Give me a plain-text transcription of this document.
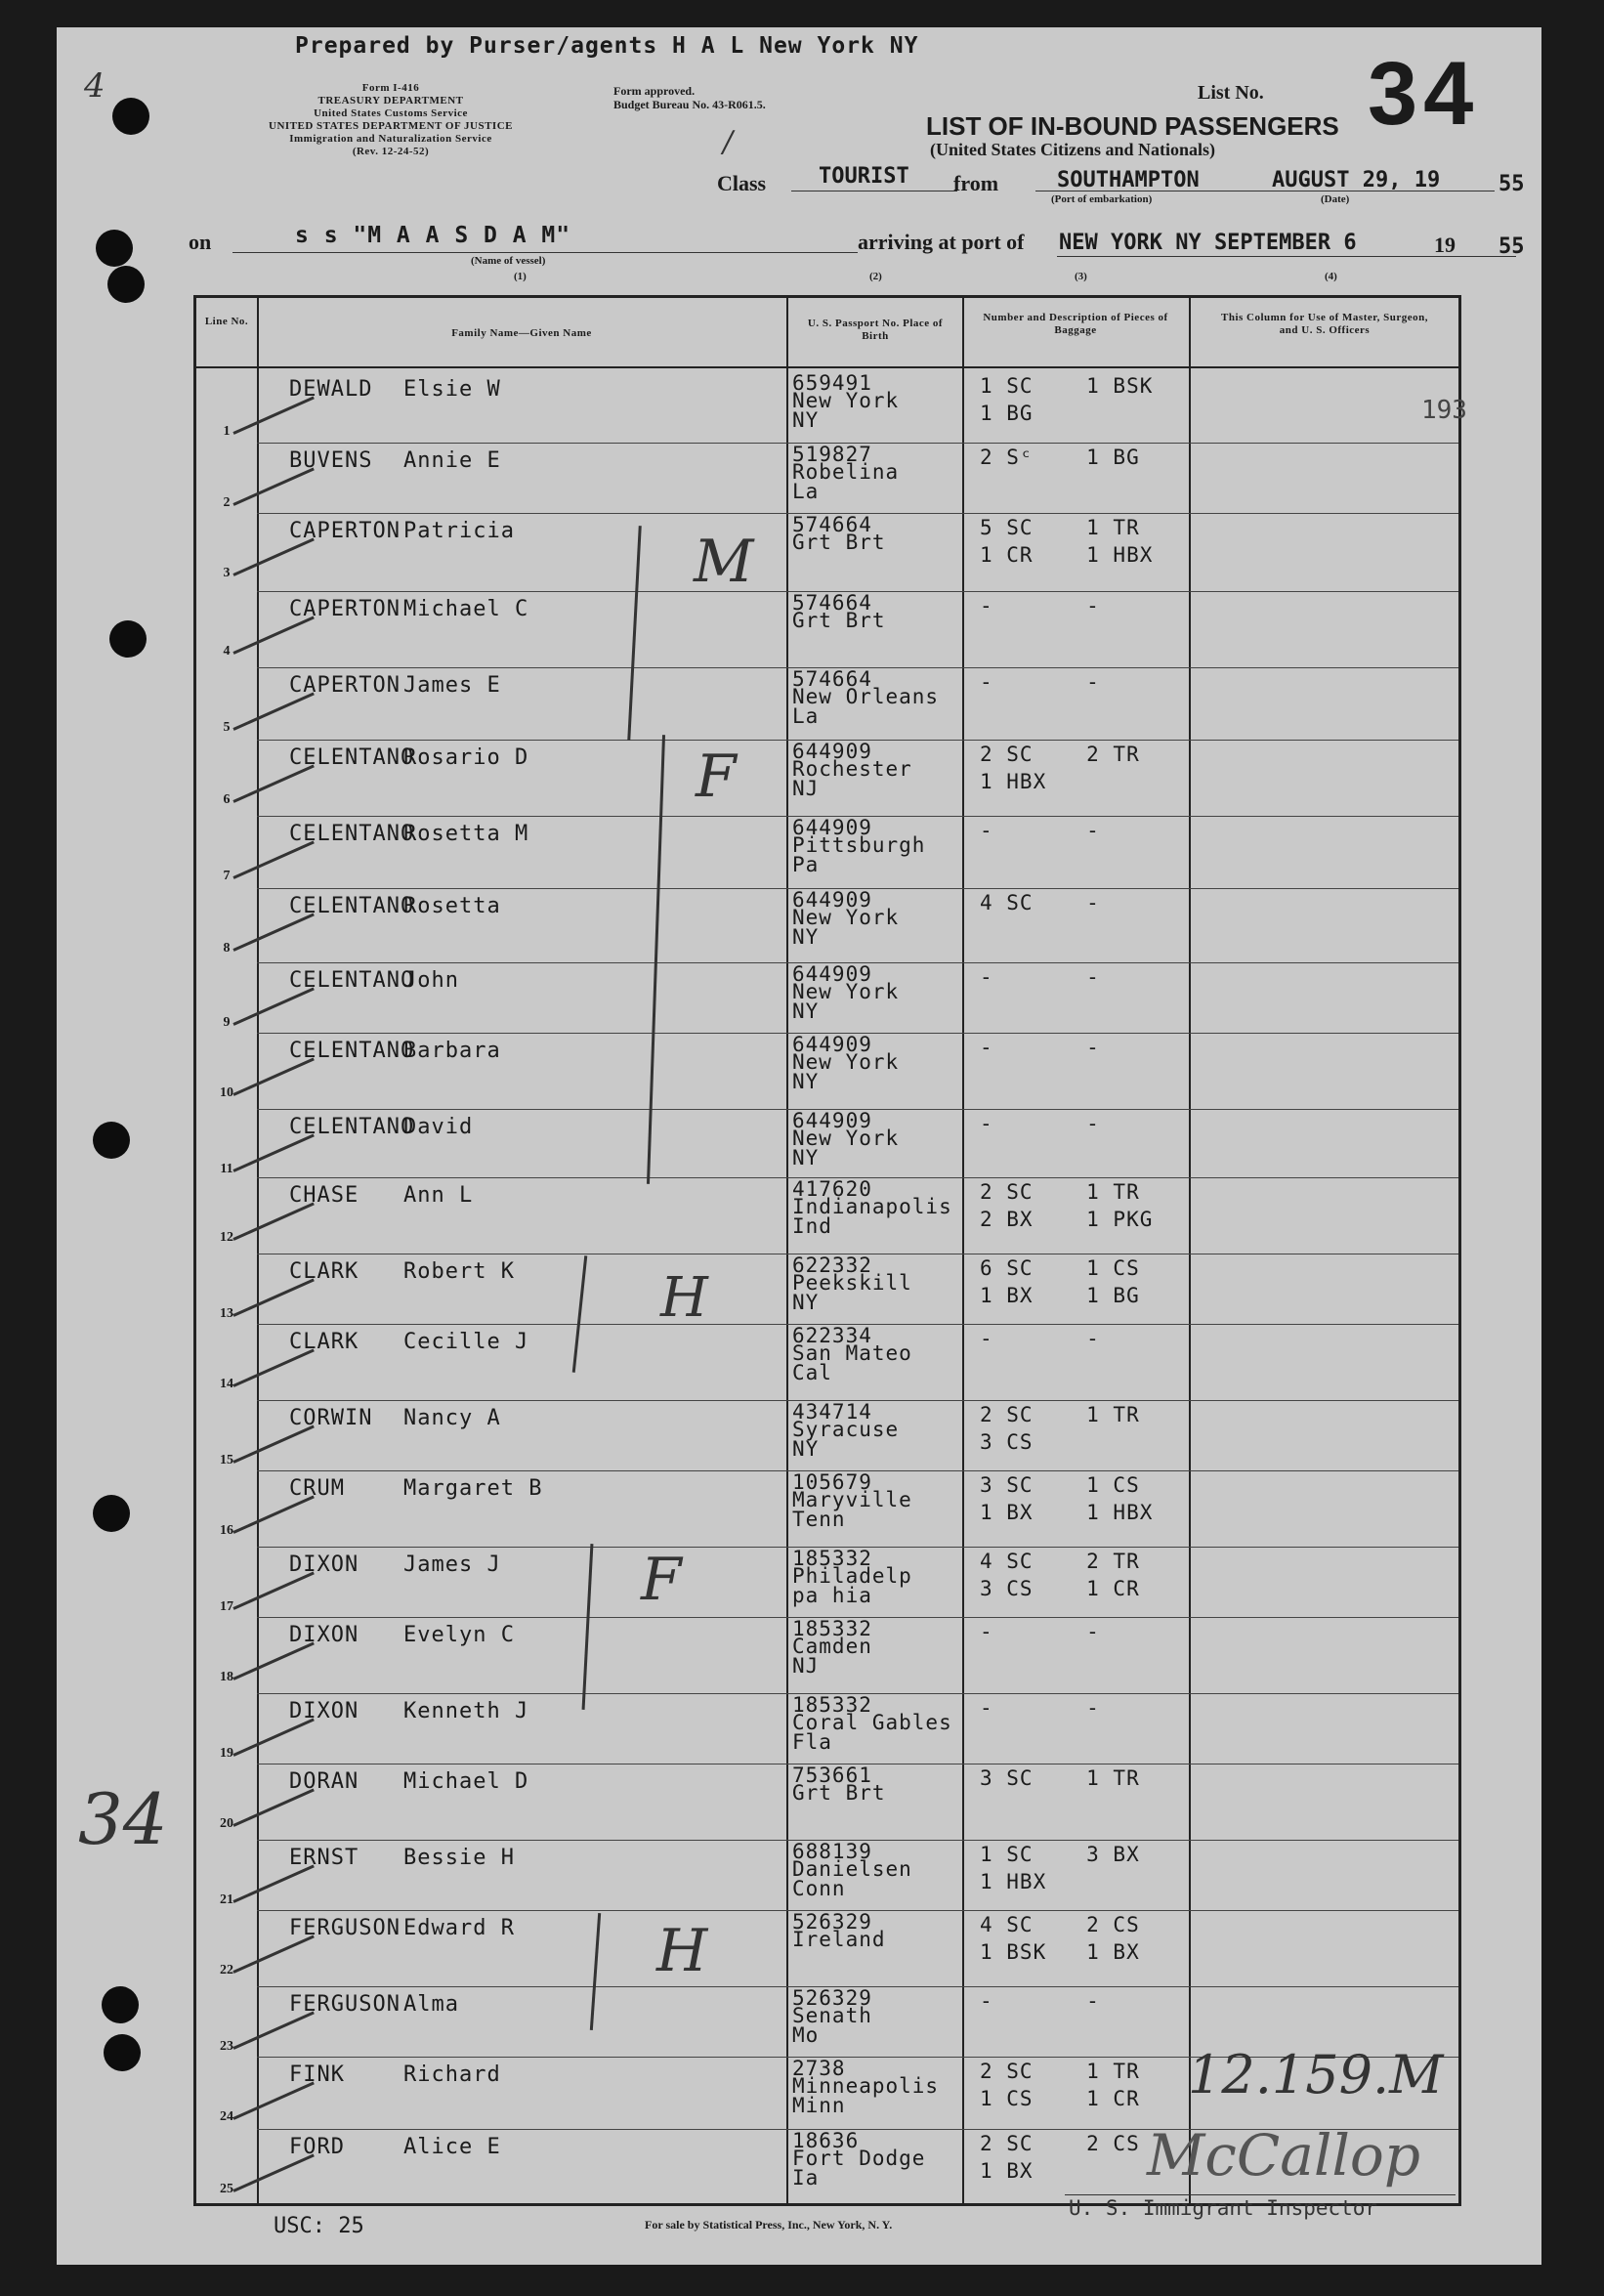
Prepared by Purser/agents H A L New York NY
4	Form I-416
TREASURY DEPARTMENT
United States Customs Service
UNITED STATES DEPARTMENT OF JUSTICE
Immigration and Naturalization Service
(Rev. 12-24-52)
Form approved.
Budget Bureau No. 43-R061.5.
List No. 34
LIST OF IN-BOUND PASSENGERS
(United States Citizens and Nationals)
/
Class TOURIST from	SOUTHAMPTON
(Port of embarkation)
AUGUST 29, 19	55
(Date)
on	s s "M A A S D A M"
(Name of vessel)
arriving at port of NEW YORK NY SEPTEMBER 6	19 55
(1)	(2)	(3)	(4)
Line No.
Family Name—Given Name
U. S. Passport No. Place of Birth
Number and Description of Pieces of Baggage
This Column for Use of Master, Surgeon, and U. S. Officers
1
DEWALD Elsie W	659491
New York
NY
1 SC    1 BSK
1 BG
2
BUVENS Annie E	519827
Robelina
La
2 Sᶜ    1 BG
3
CAPERTON Patricia	574664
Grt Brt
5 SC    1 TR
1 CR    1 HBX
4
CAPERTON Michael C	574664
Grt Brt
-       -
5
CAPERTON James E	574664
New Orleans
La
-       -
6
CELENTANO
Rosario D	644909
Rochester
NJ
2 SC    2 TR
1 HBX
7
CELENTANO
Rosetta M	644909
Pittsburgh
Pa
-       -
8
CELENTANO
Rosetta	644909
New York
NY
4 SC    -
9
CELENTANO
John	644909
New York
NY
-       -
10
CELENTANO
Barbara	644909
New York
NY
-       -
11
CELENTANO
David	644909
New York
NY
-       -
12
CHASE Ann L	417620
Indianapolis
Ind
2 SC    1 TR
2 BX    1 PKG
13
CLARK Robert K	622332
Peekskill
NY
6 SC    1 CS
1 BX    1 BG
14
CLARK Cecille J	622334
San Mateo
Cal
-       -
15
CORWIN Nancy A	434714
Syracuse
NY
2 SC    1 TR
3 CS
16
CRUM	Margaret B	105679
Maryville
Tenn
3 SC    1 CS
1 BX    1 HBX
17
DIXON James J	185332
Philadelp
pa hia
4 SC    2 TR
3 CS    1 CR
18
DIXON Evelyn C	185332
Camden
NJ
-       -
19
DIXON Kenneth J	185332
Coral Gables
Fla
-       -
20
DORAN Michael D	753661
Grt Brt
3 SC    1 TR
21
ERNST Bessie H	688139
Danielsen
Conn
1 SC    3 BX
1 HBX
22
FERGUSON Edward R	526329
Ireland
4 SC    2 CS
1 BSK   1 BX
23
FERGUSON Alma	526329
Senath
Mo
-       -
24
FINK	Richard	2738
Minneapolis
Minn
2 SC    1 TR
1 CS    1 CR
25
FORD	Alice E	18636
Fort Dodge
Ia
2 SC    2 CS
1 BX
193
M
F
H
F
H
34
12.159.M
McCallop
U. S. Immigrant Inspector
USC: 25	For sale by Statistical Press, Inc., New York, N. Y.
